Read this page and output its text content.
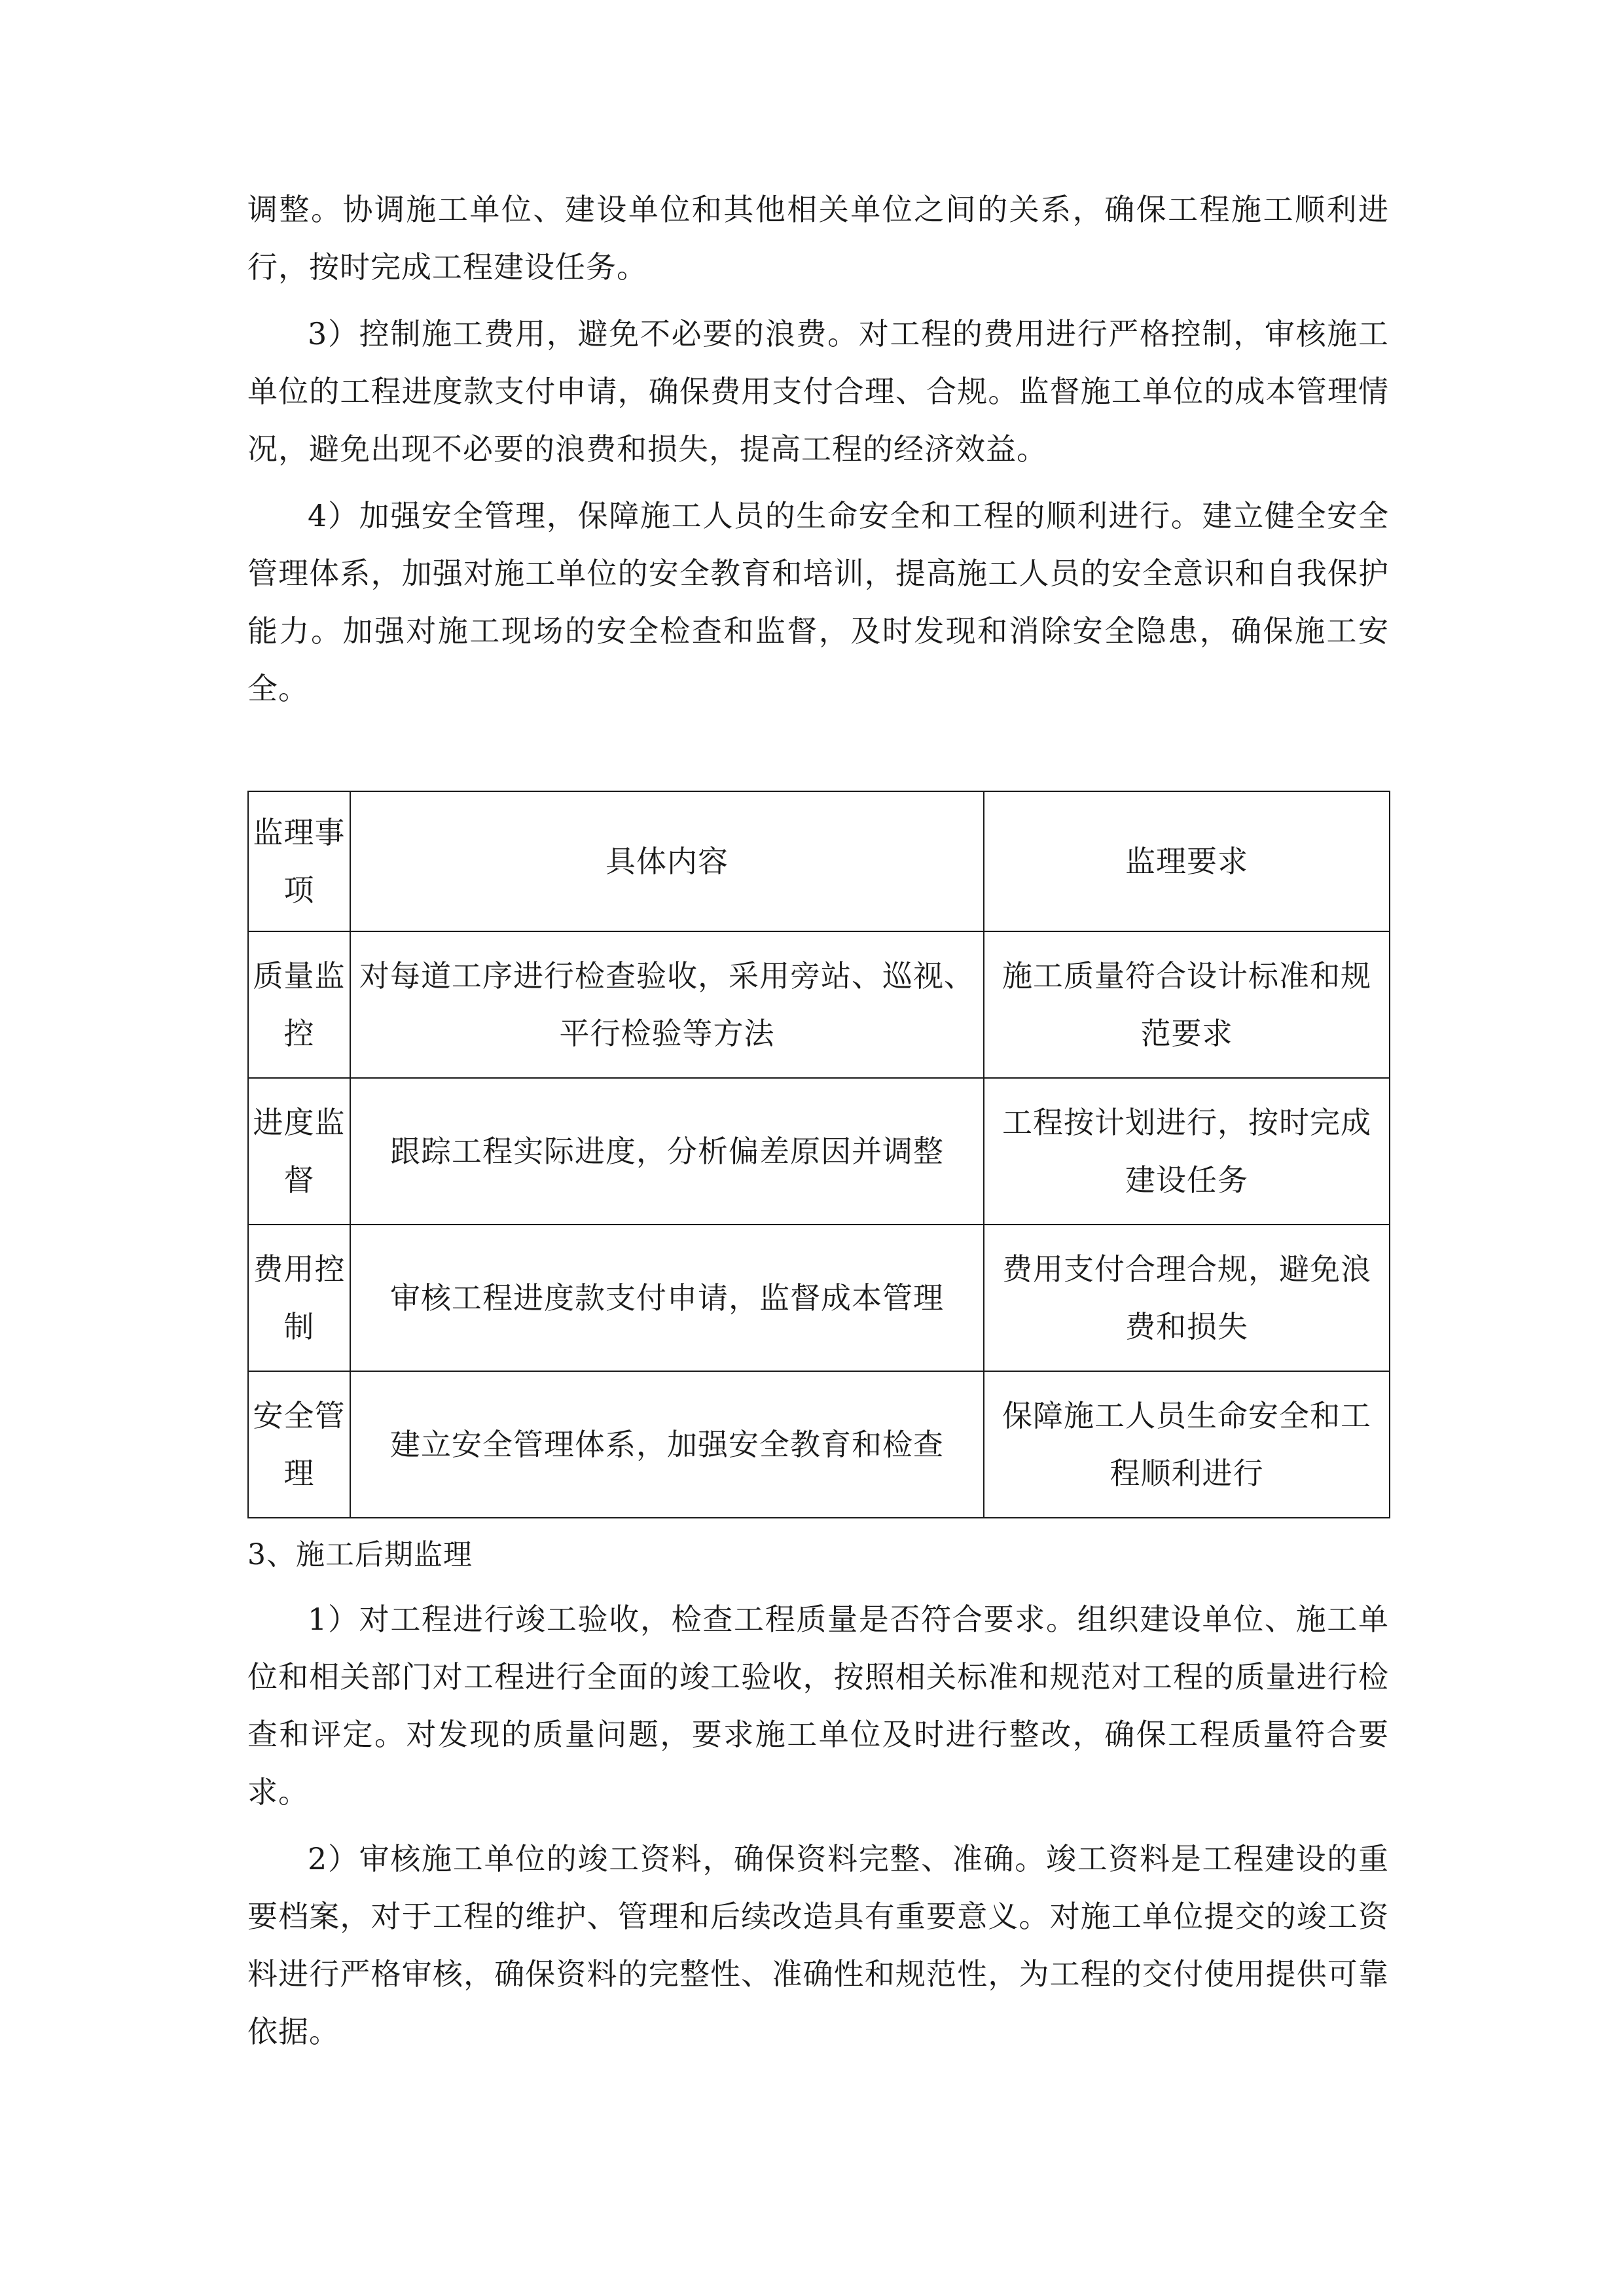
调整。协调施工单位、建设单位和其他相关单位之间的关系，确保工程施工顺利进行，按时完成工程建设任务。

3）控制施工费用，避免不必要的浪费。对工程的费用进行严格控制，审核施工单位的工程进度款支付申请，确保费用支付合理、合规。监督施工单位的成本管理情况，避免出现不必要的浪费和损失，提高工程的经济效益。

4）加强安全管理，保障施工人员的生命安全和工程的顺利进行。建立健全安全管理体系，加强对施工单位的安全教育和培训，提高施工人员的安全意识和自我保护能力。加强对施工现场的安全检查和监督，及时发现和消除安全隐患，确保施工安全。

监理事项	具体内容	监理要求
质量监控	对每道工序进行检查验收，采用旁站、巡视、平行检验等方法	施工质量符合设计标准和规范要求
进度监督	跟踪工程实际进度，分析偏差原因并调整	工程按计划进行，按时完成建设任务
费用控制	审核工程进度款支付申请，监督成本管理	费用支付合理合规，避免浪费和损失
安全管理	建立安全管理体系，加强安全教育和检查	保障施工人员生命安全和工程顺利进行

3、施工后期监理

1）对工程进行竣工验收，检查工程质量是否符合要求。组织建设单位、施工单位和相关部门对工程进行全面的竣工验收，按照相关标准和规范对工程的质量进行检查和评定。对发现的质量问题，要求施工单位及时进行整改，确保工程质量符合要求。

2）审核施工单位的竣工资料，确保资料完整、准确。竣工资料是工程建设的重要档案，对于工程的维护、管理和后续改造具有重要意义。对施工单位提交的竣工资料进行严格审核，确保资料的完整性、准确性和规范性，为工程的交付使用提供可靠依据。
